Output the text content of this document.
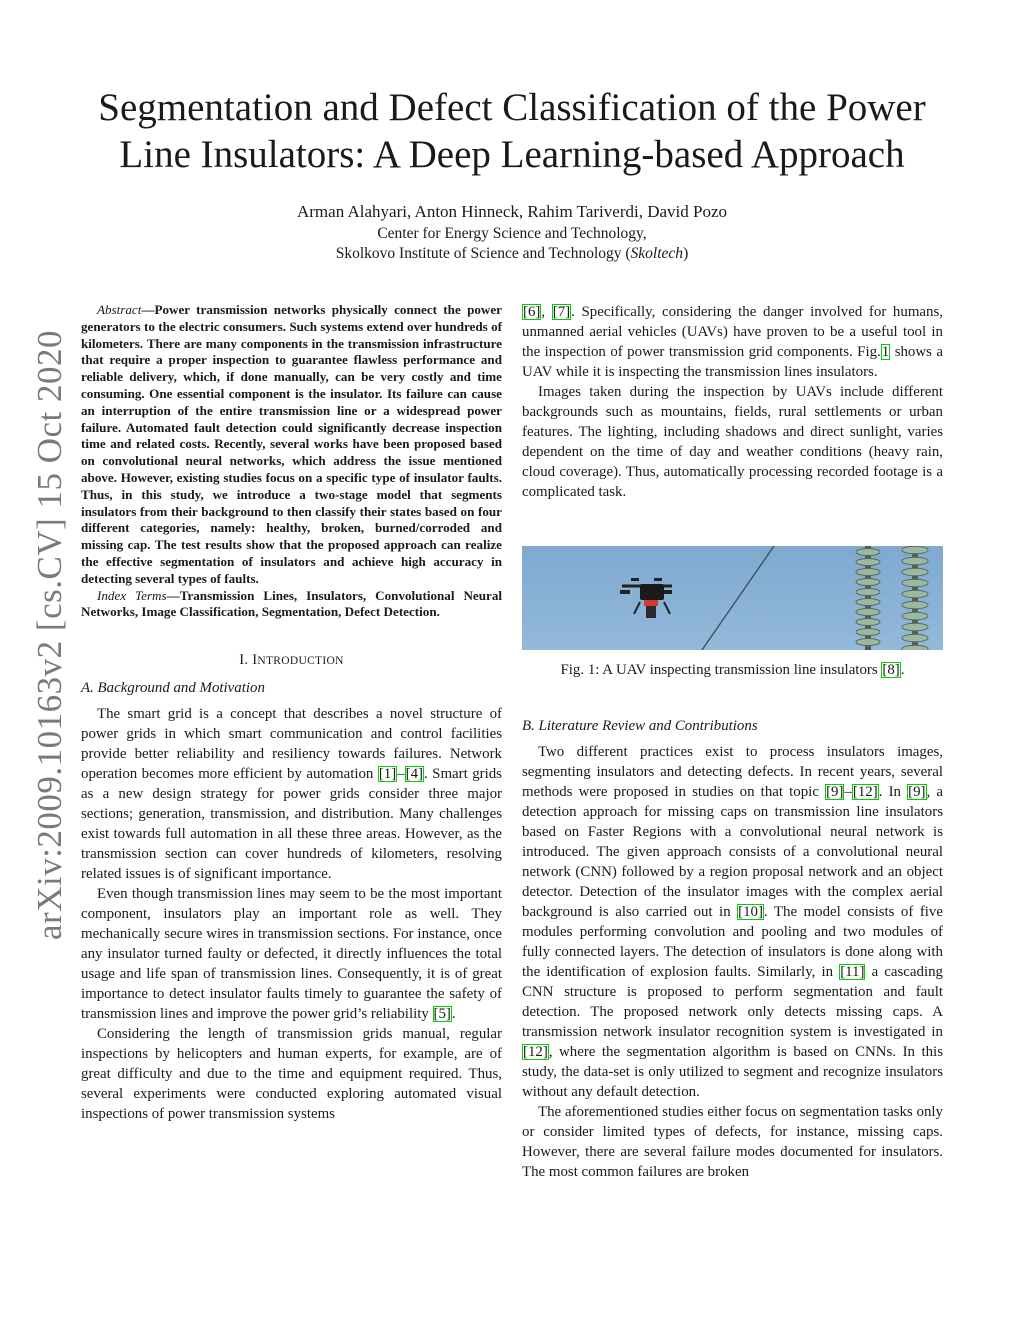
arXiv:2009.10163v2 [cs.CV] 15 Oct 2020
Segmentation and Defect Classification of the Power
Line Insulators: A Deep Learning-based Approach
Arman Alahyari, Anton Hinneck, Rahim Tariverdi, David Pozo
Center for Energy Science and Technology,
Skolkovo Institute of Science and Technology (Skoltech)

Abstract—Power transmission networks physically connect the power generators to the electric consumers. Such systems extend over hundreds of kilometers. There are many components in the transmission infrastructure that require a proper inspection to guarantee flawless performance and reliable delivery, which, if done manually, can be very costly and time consuming. One essential component is the insulator. Its failure can cause an interruption of the entire transmission line or a widespread power failure. Automated fault detection could significantly decrease inspection time and related costs. Recently, several works have been proposed based on convolutional neural networks, which address the issue mentioned above. However, existing studies focus on a specific type of insulator faults. Thus, in this study, we introduce a two-stage model that segments insulators from their background to then classify their states based on four different categories, namely: healthy, broken, burned/corroded and missing cap. The test results show that the proposed approach can realize the effective segmentation of insulators and achieve high accuracy in detecting several types of faults.

Index Terms—Transmission Lines, Insulators, Convolutional Neural Networks, Image Classification, Segmentation, Defect Detection.

I. INTRODUCTION
A. Background and Motivation

The smart grid is a concept that describes a novel structure of power grids in which smart communication and control facilities provide better reliability and resiliency towards failures. Network operation becomes more efficient by automation [1]–[4]. Smart grids as a new design strategy for power grids consider three major sections; generation, transmission, and distribution. Many challenges exist towards full automation in all these three areas. However, as the transmission section can cover hundreds of kilometers, resolving related issues is of significant importance.

Even though transmission lines may seem to be the most important component, insulators play an important role as well. They mechanically secure wires in transmission sections. For instance, once any insulator turned faulty or defected, it directly influences the total usage and life span of transmission lines. Consequently, it is of great importance to detect insulator faults timely to guarantee the safety of transmission lines and improve the power grid’s reliability [5].

Considering the length of transmission grids manual, regular inspections by helicopters and human experts, for example, are of great difficulty and due to the time and equipment required. Thus, several experiments were conducted exploring automated visual inspections of power transmission systems

[6], [7]. Specifically, considering the danger involved for humans, unmanned aerial vehicles (UAVs) have proven to be a useful tool in the inspection of power transmission grid components. Fig.1 shows a UAV while it is inspecting the transmission lines insulators.

Images taken during the inspection by UAVs include different backgrounds such as mountains, fields, rural settlements or urban features. The lighting, including shadows and direct sunlight, varies dependent on the time of day and weather conditions (heavy rain, cloud coverage). Thus, automatically processing recorded footage is a complicated task.

Fig. 1: A UAV inspecting transmission line insulators [8].
B. Literature Review and Contributions

Two different practices exist to process insulators images, segmenting insulators and detecting defects. In recent years, several methods were proposed in studies on that topic [9]–[12]. In [9], a detection approach for missing caps on transmission line insulators based on Faster Regions with a convolutional neural network is introduced. The given approach consists of a convolutional neural network (CNN) followed by a region proposal network and an object detector. Detection of the insulator images with the complex aerial background is also carried out in [10]. The model consists of five modules performing convolution and pooling and two modules of fully connected layers. The detection of insulators is done along with the identification of explosion faults. Similarly, in [11] a cascading CNN structure is proposed to perform segmentation and fault detection. The proposed network only detects missing caps. A transmission network insulator recognition system is investigated in [12], where the segmentation algorithm is based on CNNs. In this study, the data-set is only utilized to segment and recognize insulators without any default detection.

The aforementioned studies either focus on segmentation tasks only or consider limited types of defects, for instance, missing caps. However, there are several failure modes documented for insulators. The most common failures are broken
